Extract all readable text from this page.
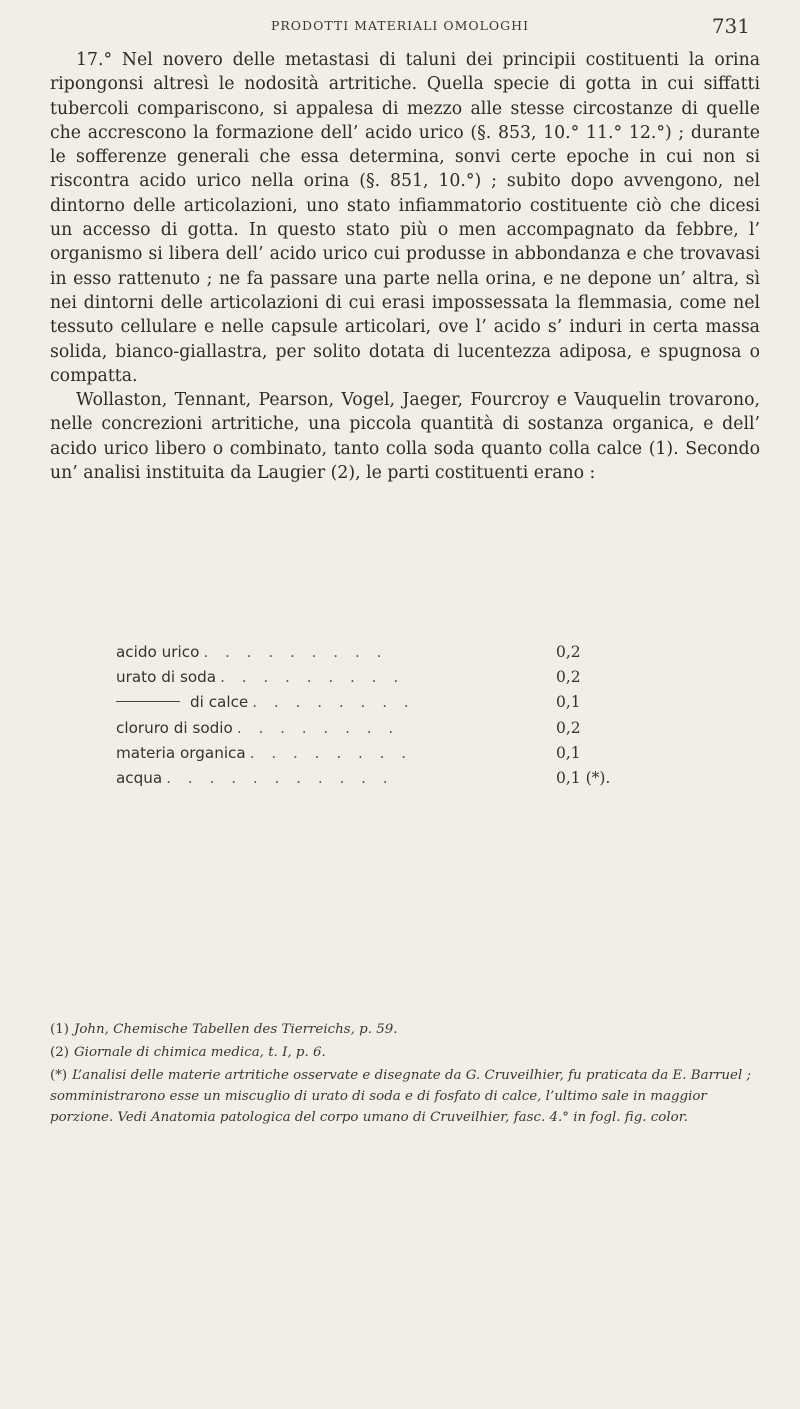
PRODOTTI MATERIALI OMOLOGHI	731

17.° Nel novero delle metastasi di taluni dei principii costituenti la orina ripongonsi altresì le nodosità artritiche. Quella specie di gotta in cui siffatti tubercoli compariscono, si appalesa di mezzo alle stesse circostanze di quelle che accrescono la formazione dell’ acido urico (§. 853, 10.° 11.° 12.°) ; durante le sofferenze generali che essa determina, sonvi certe epoche in cui non si riscontra acido urico nella orina (§. 851, 10.°) ; subito dopo avvengono, nel dintorno delle articolazioni, uno stato infiammatorio costituente ciò che dicesi un accesso di gotta. In questo stato più o men accompagnato da febbre, l’ organismo si libera dell’ acido urico cui produsse in abbondanza e che trovavasi in esso rattenuto ; ne fa passare una parte nella orina, e ne depone un’ altra, sì nei dintorni delle articolazioni di cui erasi impossessata la flemmasia, come nel tessuto cellulare e nelle capsule articolari, ove l’ acido s’ induri in certa massa solida, bianco-giallastra, per solito dotata di lucentezza adiposa, e spugnosa o compatta.

Wollaston, Tennant, Pearson, Vogel, Jaeger, Fourcroy e Vauquelin trovarono, nelle concrezioni artritiche, una piccola quantità di sostanza organica, e dell’ acido urico libero o combinato, tanto colla soda quanto colla calce (1). Secondo un’ analisi instituita da Laugier (2), le parti costituenti erano :

acido urico . . . . . . . . .	0,2
urato di soda . . . . . . . . .	0,2
di calce . . . . . . . .	0,1
cloruro di sodio . . . . . . . .	0,2
materia organica . . . . . . . .	0,1
acqua . . . . . . . . . . .	0,1 (*).

(1) John, Chemische Tabellen des Tierreichs, p. 59.

(2) Giornale di chimica medica, t. I, p. 6.

(*) L’analisi delle materie artritiche osservate e disegnate da G. Cruveilhier, fu praticata da E. Barruel ; somministrarono esse un miscuglio di urato di soda e di fosfato di calce, l’ultimo sale in maggior porzione. Vedi Anatomia patologica del corpo umano di Cruveilhier, fasc. 4.° in fogl. fig. color.
